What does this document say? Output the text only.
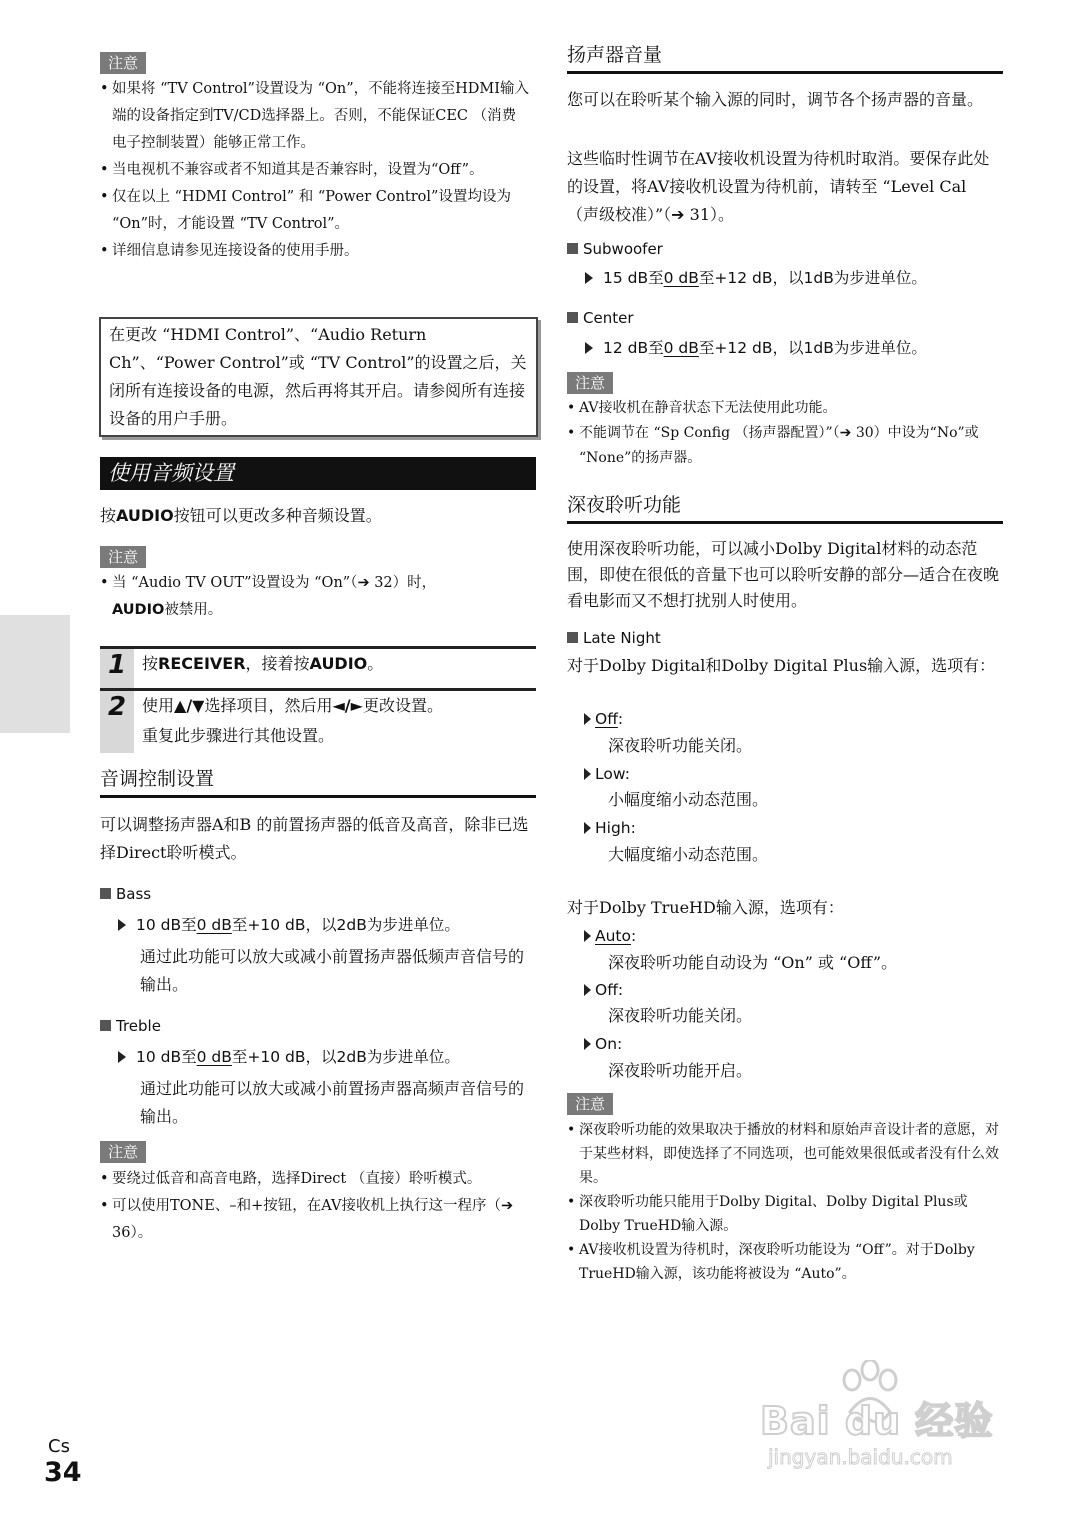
注意
• 如果将 “TV Control”设置设为 “On”，不能将连接至HDMI输入端的设备指定到TV/CD选择器上。否则，不能保证CEC （消费电子控制装置）能够正常工作。
• 当电视机不兼容或者不知道其是否兼容时，设置为“Off”。
• 仅在以上 “HDMI Control” 和 “Power Control”设置均设为 “On”时，才能设置 “TV Control”。
• 详细信息请参见连接设备的使用手册。
在更改 “HDMI Control”、“Audio Return Ch”、“Power Control”或 “TV Control”的设置之后，关闭所有连接设备的电源，然后再将其开启。请参阅所有连接设备的用户手册。
使用音频设置
按AUDIO按钮可以更改多种音频设置。
注意
• 当 “Audio TV OUT”设置设为 “On”（➔ 32）时，
AUDIO被禁用。
1 按RECEIVER，接着按AUDIO。
2 使用▲/▼选择项目，然后用◄/►更改设置。
重复此步骤进行其他设置。
音调控制设置
可以调整扬声器A和B 的前置扬声器的低音及高音，除非已选择Direct聆听模式。
Bass
10 dB至0 dB至+10 dB，以2dB为步进单位。
通过此功能可以放大或减小前置扬声器低频声音信号的输出。
Treble
10 dB至0 dB至+10 dB，以2dB为步进单位。
通过此功能可以放大或减小前置扬声器高频声音信号的输出。
注意
• 要绕过低音和高音电路，选择Direct （直接）聆听模式。
• 可以使用TONE、–和+按钮，在AV接收机上执行这一程序（➔ 36）。
扬声器音量
您可以在聆听某个输入源的同时，调节各个扬声器的音量。
这些临时性调节在AV接收机设置为待机时取消。要保存此处的设置，将AV接收机设置为待机前，请转至 “Level Cal （声级校准）”（➔ 31）。
Subwoofer
15 dB至0 dB至+12 dB，以1dB为步进单位。
Center
12 dB至0 dB至+12 dB，以1dB为步进单位。
注意
• AV接收机在静音状态下无法使用此功能。
• 不能调节在 “Sp Config （扬声器配置）”（➔ 30）中设为“No”或 “None”的扬声器。
深夜聆听功能
使用深夜聆听功能，可以减小Dolby Digital材料的动态范围，即使在很低的音量下也可以聆听安静的部分—适合在夜晚看电影而又不想打扰别人时使用。
Late Night
对于Dolby Digital和Dolby Digital Plus输入源，选项有：
Off:
深夜聆听功能关闭。
Low:
小幅度缩小动态范围。
High:
大幅度缩小动态范围。
对于Dolby TrueHD输入源，选项有：
Auto:
深夜聆听功能自动设为 “On” 或 “Off”。
Off:
深夜聆听功能关闭。
On:
深夜聆听功能开启。
注意
• 深夜聆听功能的效果取决于播放的材料和原始声音设计者的意愿，对于某些材料，即使选择了不同选项，也可能效果很低或者没有什么效果。
• 深夜聆听功能只能用于Dolby Digital、Dolby Digital Plus或Dolby TrueHD输入源。
• AV接收机设置为待机时，深夜聆听功能设为 “Off”。对于Dolby TrueHD输入源，该功能将被设为 “Auto”。
Cs
34
Bai du 经验
jingyan.baidu.com
